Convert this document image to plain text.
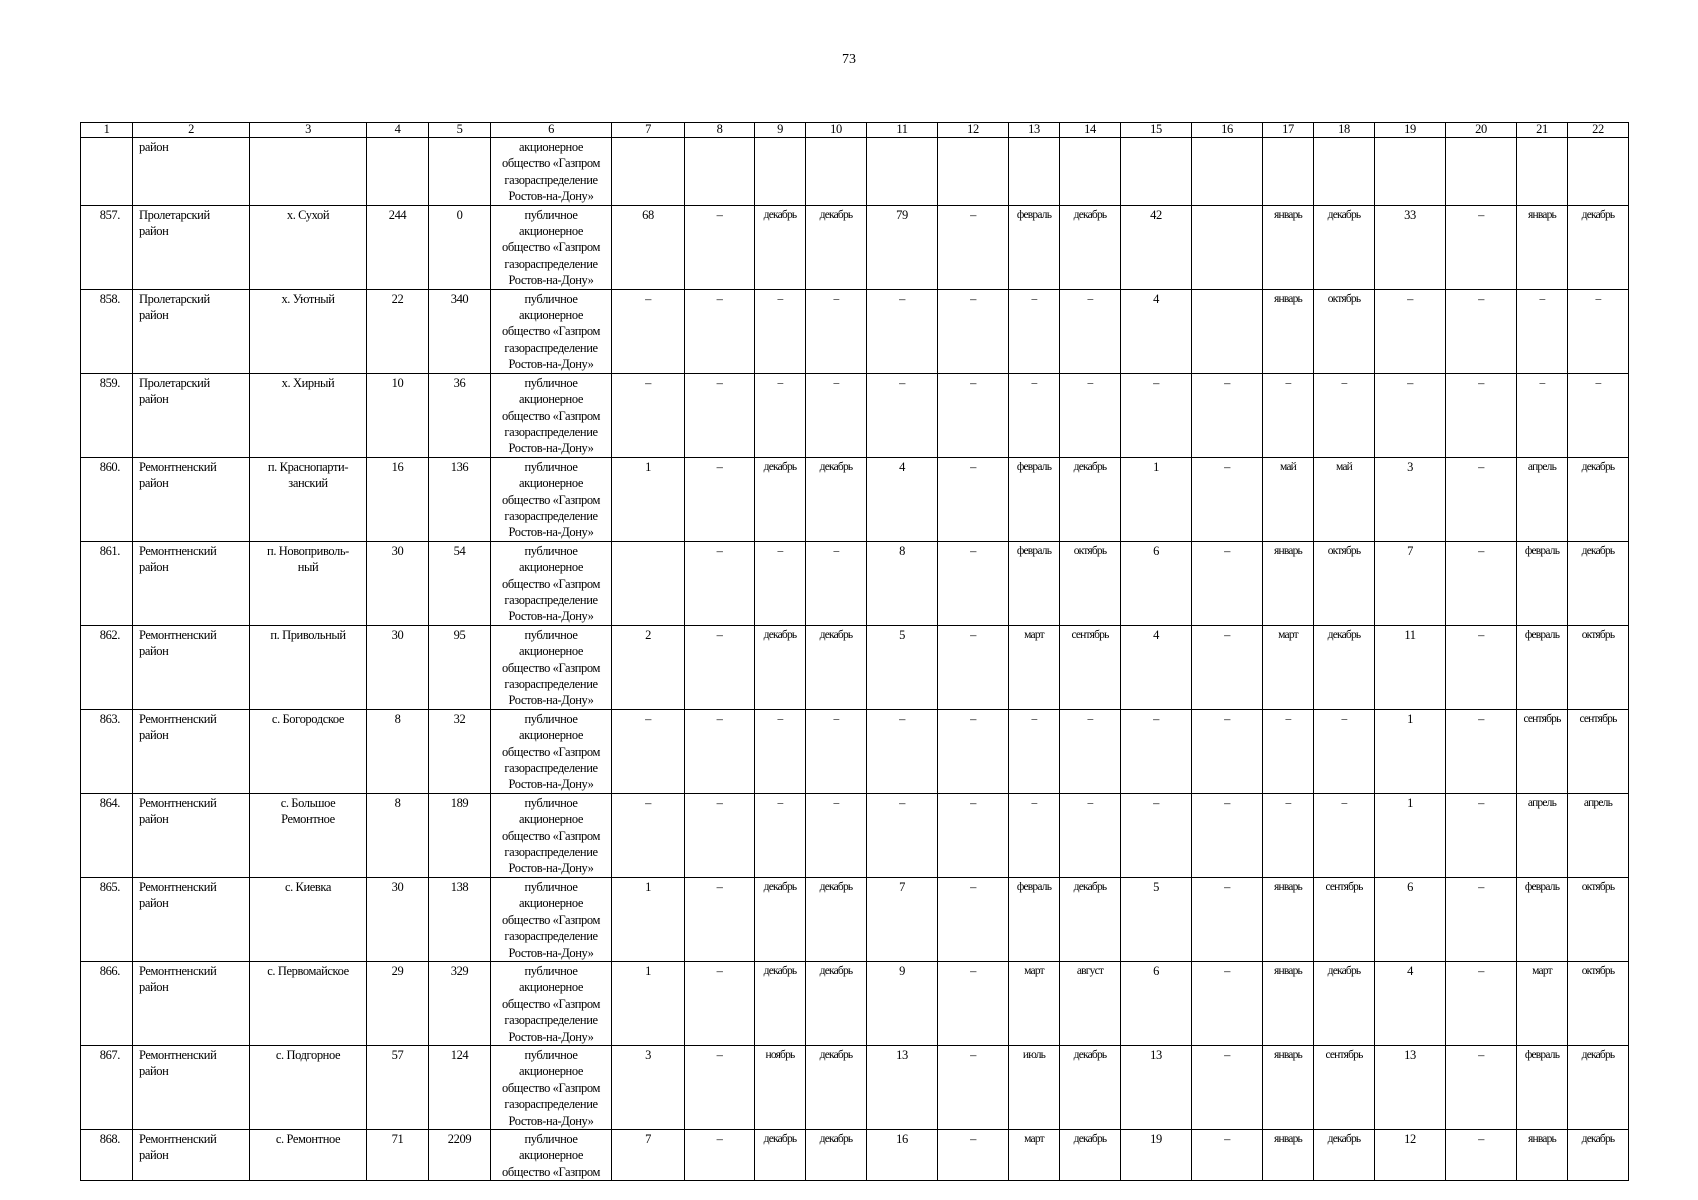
73
1	2	3	4	5	6	7	8	9	10	11	12	13	14	15	16	17	18	19	20	21	22
	район				акционерное
общество «Газпром
газораспределение
Ростов-на-Дону»																
857.	Пролетарский
район	х. Сухой	244	0	публичное
акционерное
общество «Газпром
газораспределение
Ростов-на-Дону»	68	–	декабрь	декабрь	79	–	февраль	декабрь	42		январь	декабрь	33	–	январь	декабрь
858.	Пролетарский
район	х. Уютный	22	340	публичное
акционерное
общество «Газпром
газораспределение
Ростов-на-Дону»	–	–	–	–	–	–	–	–	4		январь	октябрь	–	–	–	–
859.	Пролетарский
район	х. Хирный	10	36	публичное
акционерное
общество «Газпром
газораспределение
Ростов-на-Дону»	–	–	–	–	–	–	–	–	–	–	–	–	–	–	–	–
860.	Ремонтненский
район	п. Краснопарти-
занский	16	136	публичное
акционерное
общество «Газпром
газораспределение
Ростов-на-Дону»	1	–	декабрь	декабрь	4	–	февраль	декабрь	1	–	май	май	3	–	апрель	декабрь
861.	Ремонтненский
район	п. Новоприволь-
ный	30	54	публичное
акционерное
общество «Газпром
газораспределение
Ростов-на-Дону»		–	–	–	8	–	февраль	октябрь	6	–	январь	октябрь	7	–	февраль	декабрь
862.	Ремонтненский
район	п. Привольный	30	95	публичное
акционерное
общество «Газпром
газораспределение
Ростов-на-Дону»	2	–	декабрь	декабрь	5	–	март	сентябрь	4	–	март	декабрь	11	–	февраль	октябрь
863.	Ремонтненский
район	с. Богородское	8	32	публичное
акционерное
общество «Газпром
газораспределение
Ростов-на-Дону»	–	–	–	–	–	–	–	–	–	–	–	–	1	–	сентябрь	сентябрь
864.	Ремонтненский
район	с. Большое
Ремонтное	8	189	публичное
акционерное
общество «Газпром
газораспределение
Ростов-на-Дону»	–	–	–	–	–	–	–	–	–	–	–	–	1	–	апрель	апрель
865.	Ремонтненский
район	с. Киевка	30	138	публичное
акционерное
общество «Газпром
газораспределение
Ростов-на-Дону»	1	–	декабрь	декабрь	7	–	февраль	декабрь	5	–	январь	сентябрь	6	–	февраль	октябрь
866.	Ремонтненский
район	с. Первомайское	29	329	публичное
акционерное
общество «Газпром
газораспределение
Ростов-на-Дону»	1	–	декабрь	декабрь	9	–	март	август	6	–	январь	декабрь	4	–	март	октябрь
867.	Ремонтненский
район	с. Подгорное	57	124	публичное
акционерное
общество «Газпром
газораспределение
Ростов-на-Дону»	3	–	ноябрь	декабрь	13	–	июль	декабрь	13	–	январь	сентябрь	13	–	февраль	декабрь
868.	Ремонтненский
район	с. Ремонтное	71	2209	публичное
акционерное
общество «Газпром	7	–	декабрь	декабрь	16	–	март	декабрь	19	–	январь	декабрь	12	–	январь	декабрь
